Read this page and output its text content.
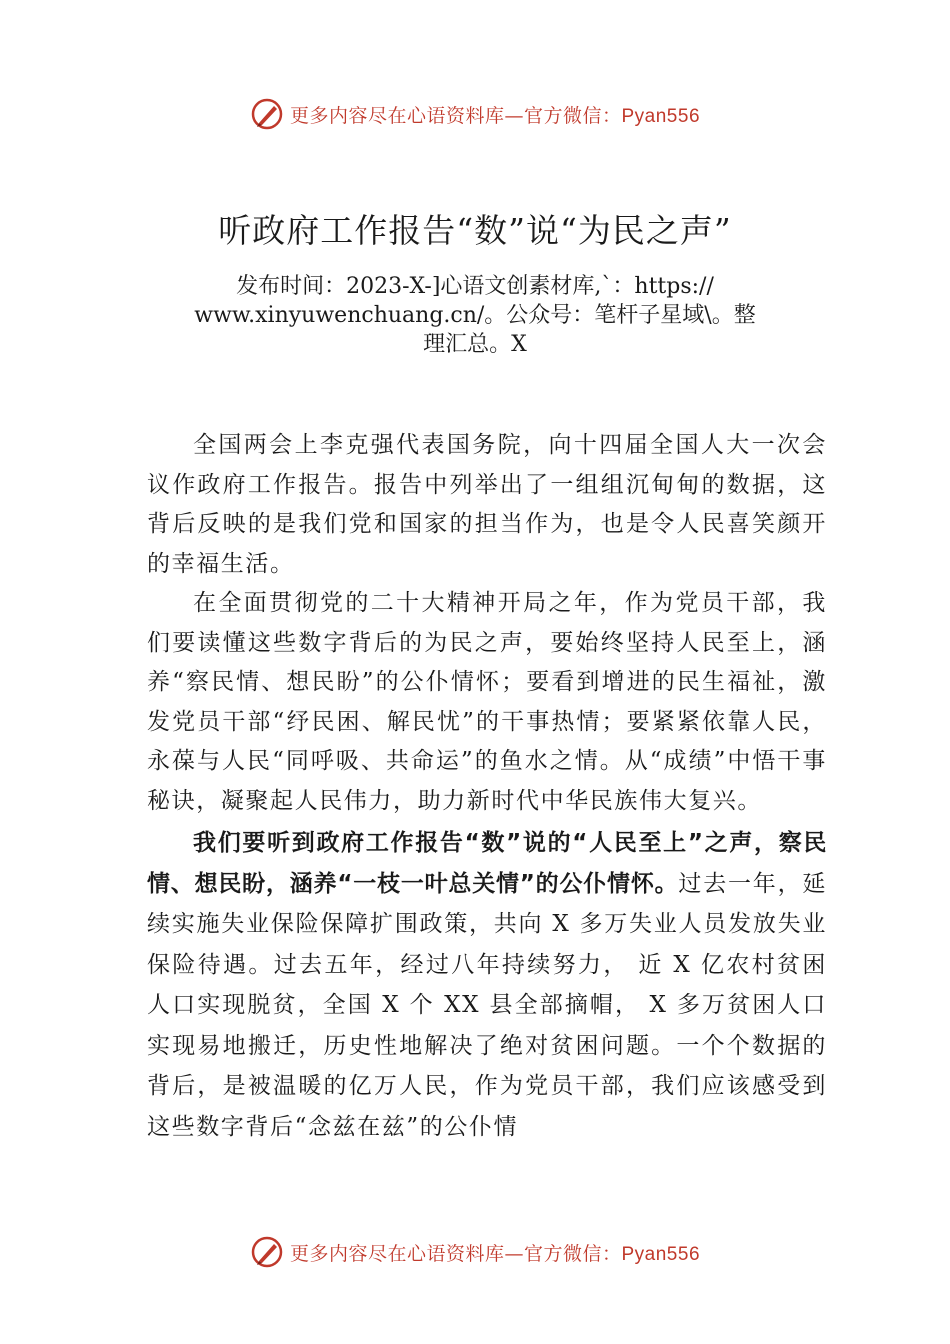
更多内容尽在心语资料库—官方微信：Pyan556
听政府工作报告“数”说“为民之声”
发布时间：2023-X-]心语文创素材库,`：https://
www.xinyuwenchuang.cn/。公众号：笔杆子星域\。整
理汇总。X

全国两会上李克强代表国务院，向十四届全国人大一次会议作政府工作报告。报告中列举出了一组组沉甸甸的数据，这背后反映的是我们党和国家的担当作为，也是令人民喜笑颜开的幸福生活。

在全面贯彻党的二十大精神开局之年，作为党员干部，我们要读懂这些数字背后的为民之声，要始终坚持人民至上，涵养“察民情、想民盼”的公仆情怀；要看到增进的民生福祉，激发党员干部“纾民困、解民忧”的干事热情；要紧紧依靠人民，永葆与人民“同呼吸、共命运”的鱼水之情。从“成绩”中悟干事秘诀，凝聚起人民伟力，助力新时代中华民族伟大复兴。

我们要听到政府工作报告“数”说的“人民至上”之声，察民情、想民盼，涵养“一枝一叶总关情”的公仆情怀。过去一年，延续实施失业保险保障扩围政策，共向 X 多万失业人员发放失业保险待遇。过去五年，经过八年持续努力， 近 X 亿农村贫困人口实现脱贫，全国 X 个 XX 县全部摘帽， X 多万贫困人口实现易地搬迁，历史性地解决了绝对贫困问题。一个个数据的背后，是被温暖的亿万人民，作为党员干部，我们应该感受到这些数字背后“念兹在兹”的公仆情

更多内容尽在心语资料库—官方微信：Pyan556
